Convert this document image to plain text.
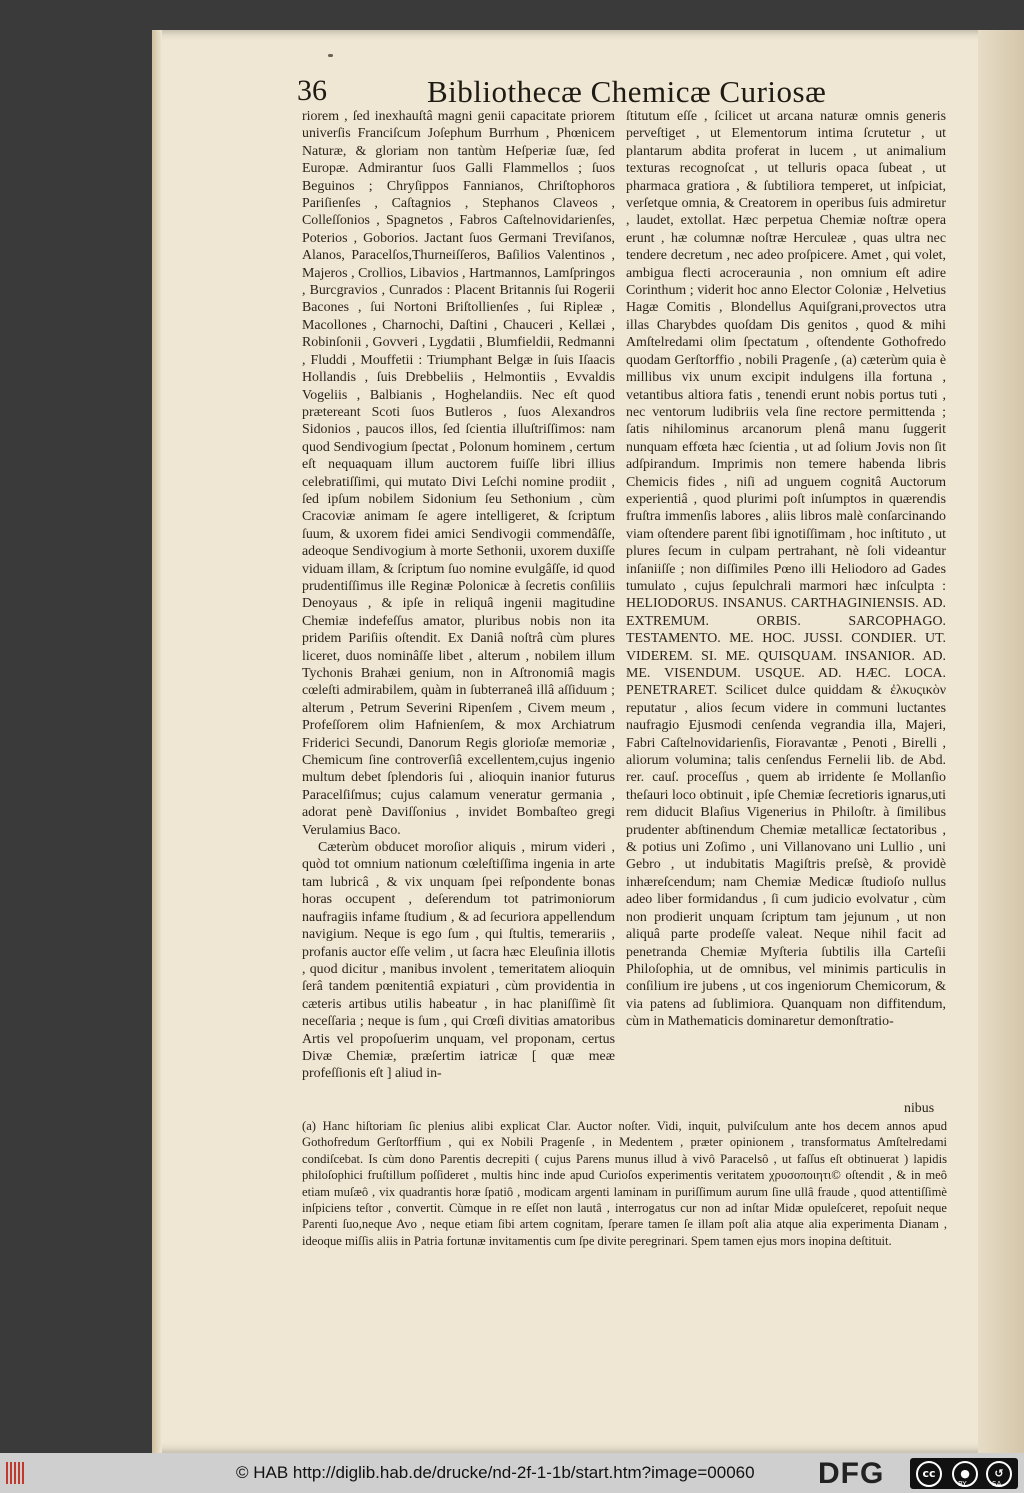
36	Bibliothecæ Chemicæ Curiosæ

riorem , ſed inexhauſtâ magni genii capacitate priorem univerſis Franciſcum Joſephum Burrhum , Phœnicem Naturæ, & gloriam non tantùm Heſperiæ ſuæ, ſed Europæ. Admirantur ſuos Galli Flammellos ; ſuos Beguinos ; Chryſippos Fannianos, Chriſtophoros Pariſienſes , Caſtagnios , Stephanos Claveos , Colleſſonios , Spagnetos , Fabros Caſtelnovidarienſes, Poterios , Goborios. Jactant ſuos Germani Treviſanos, Alanos, Paracelſos,Thurneiſſeros, Baſilios Valentinos , Majeros , Crollios, Libavios , Hartmannos, Lamſpringos , Burcgravios , Cunrados : Placent Britannis ſui Rogerii Bacones , ſui Nortoni Briſtollienſes , ſui Ripleæ , Macollones , Charnochi, Daſtini , Chauceri , Kellæi , Robinſonii , Govveri , Lygdatii , Blumfieldii, Redmanni , Fluddi , Mouffetii : Triumphant Belgæ in ſuis Iſaacis Hollandis , ſuis Drebbeliis , Helmontiis , Evvaldis Vogeliis , Balbianis , Hoghelandiis. Nec eſt quod prætereant Scoti ſuos Butleros , ſuos Alexandros Sidonios , paucos illos, ſed ſcientia illuſtriſſimos: nam quod Sendivogium ſpectat , Polonum hominem , certum eſt nequaquam illum auctorem fuiſſe libri illius celebratiſſimi, qui mutato Divi Leſchi nomine prodiit , ſed ipſum nobilem Sidonium ſeu Sethonium , cùm Cracoviæ animam ſe agere intelligeret, & ſcriptum ſuum, & uxorem fidei amici Sendivogii commendâſſe, adeoque Sendivogium à morte Sethonii, uxorem duxiſſe viduam illam, & ſcriptum ſuo nomine evulgâſſe, id quod prudentiſſimus ille Reginæ Polonicæ à ſecretis conſiliis Denoyaus , & ipſe in reliquâ ingenii magitudine Chemiæ indefeſſus amator, pluribus nobis non ita pridem Pariſiis oſtendit. Ex Daniâ noſtrâ cùm plures liceret, duos nominâſſe libet , alterum , nobilem illum Tychonis Brahæi genium, non in Aſtronomiâ magis cœleſti admirabilem, quàm in ſubterraneâ illâ aſſiduum ; alterum , Petrum Severini Ripenſem , Civem meum , Profeſſorem olim Hafnienſem, & mox Archiatrum Friderici Secundi, Danorum Regis glorioſæ memoriæ , Chemicum ſine controverſiâ excellentem,cujus ingenio multum debet ſplendoris ſui , alioquin inanior futurus Paracelſiſmus; cujus calamum veneratur germania , adorat penè Daviſſonius , invidet Bombaſteo gregi Verulamius Baco.

Cæterùm obducet moroſior aliquis , mirum videri , quòd tot omnium nationum cœleſtiſſima ingenia in arte tam lubricâ , & vix unquam ſpei reſpondente bonas horas occupent , deſerendum tot patrimoniorum naufragiis infame ſtudium , & ad ſecuriora appellendum navigium. Neque is ego ſum , qui ſtultis, temerariis , profanis auctor eſſe velim , ut ſacra hæc Eleuſinia illotis , quod dicitur , manibus involent , temeritatem alioquin ſerâ tandem pœnitentiâ expiaturi , cùm providentia in cæteris artibus utilis habeatur , in hac planiſſimè ſit neceſſaria ; neque is ſum , qui Crœſi divitias amatoribus Artis vel propoſuerim unquam, vel proponam, certus Divæ Chemiæ, præſertim iatricæ [ quæ meæ profeſſionis eſt ] aliud in-

ſtitutum eſſe , ſcilicet ut arcana naturæ omnis generis perveſtiget , ut Elementorum intima ſcrutetur , ut plantarum abdita proferat in lucem , ut animalium texturas recognoſcat , ut telluris opaca ſubeat , ut pharmaca gratiora , & ſubtiliora temperet, ut inſpiciat, verſetque omnia, & Creatorem in operibus ſuis admiretur , laudet, extollat. Hæc perpetua Chemiæ noſtræ opera erunt , hæ columnæ noſtræ Herculeæ , quas ultra nec tendere decretum , nec adeo proſpicere. Amet , qui volet, ambigua flecti acroceraunia , non omnium eſt adire Corinthum ; viderit hoc anno Elector Coloniæ , Helvetius Hagæ Comitis , Blondellus Aquiſgrani,provectos utra illas Charybdes quoſdam Dis genitos , quod & mihi Amſtelredami olim ſpectatum , oſtendente Gothofredo quodam Gerſtorffio , nobili Pragenſe , (a) cæterùm quia è millibus vix unum excipit indulgens illa fortuna , vetantibus altiora fatis , tenendi erunt nobis portus tuti , nec ventorum ludibriis vela ſine rectore permittenda ; ſatis nihilominus arcanorum plenâ manu ſuggerit nunquam effœta hæc ſcientia , ut ad ſolium Jovis non ſit adſpirandum. Imprimis non temere habenda libris Chemicis fides , niſi ad unguem cognitâ Auctorum experientiâ , quod plurimi poſt inſumptos in quærendis fruſtra immenſis labores , aliis libros malè conſarcinando viam oſtendere parent ſibi ignotiſſimam , hoc inſtituto , ut plures ſecum in culpam pertrahant, nè ſoli videantur inſaniiſſe ; non diſſimiles Pœno illi Heliodoro ad Gades tumulato , cujus ſepulchrali marmori hæc inſculpta : HELIODORUS. INSANUS. CARTHAGINIENSIS. AD. EXTREMUM. ORBIS. SARCOPHAGO. TESTAMENTO. ME. HOC. JUSSI. CONDIER. UT. VIDEREM. SI. ME. QUISQUAM. INSANIOR. AD. ME. VISENDUM. USQUE. AD. HÆC. LOCA. PENETRARET. Scilicet dulce quiddam & ἐλκυςικὸν reputatur , alios ſecum videre in communi luctantes naufragio Ejusmodi cenſenda vegrandia illa, Majeri, Fabri Caſtelnovidarienſis, Fioravantæ , Penoti , Birelli , aliorum volumina; talis cenſendus Fernelii lib. de Abd. rer. cauſ. proceſſus , quem ab irridente ſe Mollanſio theſauri loco obtinuit , ipſe Chemiæ ſecretioris ignarus,uti rem diducit Blaſius Vigenerius in Philoſtr. à ſimilibus prudenter abſtinendum Chemiæ metallicæ ſectatoribus , & potius uni Zoſimo , uni Villanovano uni Lullio , uni Gebro , ut indubitatis Magiſtris preſsè, & providè inhæreſcendum; nam Chemiæ Medicæ ſtudioſo nullus adeo liber formidandus , ſi cum judicio evolvatur , cùm non prodierit unquam ſcriptum tam jejunum , ut non aliquâ parte prodeſſe valeat. Neque nihil facit ad penetranda Chemiæ Myſteria ſubtilis illa Carteſii Philoſophia, ut de omnibus, vel minimis particulis in conſilium ire jubens , ut cos ingeniorum Chemicorum, & via patens ad ſublimiora. Quanquam non diffitendum, cùm in Mathematicis dominaretur demonſtratio-

nibus
(a) Hanc hiſtoriam ſic plenius alibi explicat Clar. Auctor noſter. Vidi, inquit, pulviſculum ante hos decem annos apud Gothofredum Gerſtorffium , qui ex Nobili Pragenſe , in Medentem , præter opinionem , transformatus Amſtelredami condiſcebat. Is cùm dono Parentis decrepiti ( cujus Parens munus illud à vivô Paracelsô , ut faſſus eſt obtinuerat ) lapidis philoſophici fruſtillum poſſideret , multis hinc inde apud Curioſos experimentis veritatem χρυσοποιητι© oſtendit , & in meô etiam muſæô , vix quadrantis horæ ſpatiô , modicam argenti laminam in puriſſimum aurum ſine ullâ fraude , quod attentiſſimè inſpiciens teſtor , convertit. Cùmque in re eſſet non lautâ , interrogatus cur non ad inſtar Midæ opuleſceret, repoſuit neque Parenti ſuo,neque Avo , neque etiam ſibi artem cognitam, ſperare tamen ſe illam poſt alia atque alia experimenta Dianam , ideoque miſſis aliis in Patria fortunæ invitamentis cum ſpe divite peregrinari. Spem tamen ejus mors inopina deſtituit.
© HAB http://diglib.hab.de/drucke/nd-2f-1-1b/start.htm?image=00060 DFG	cc	●
BY
↺
SA
